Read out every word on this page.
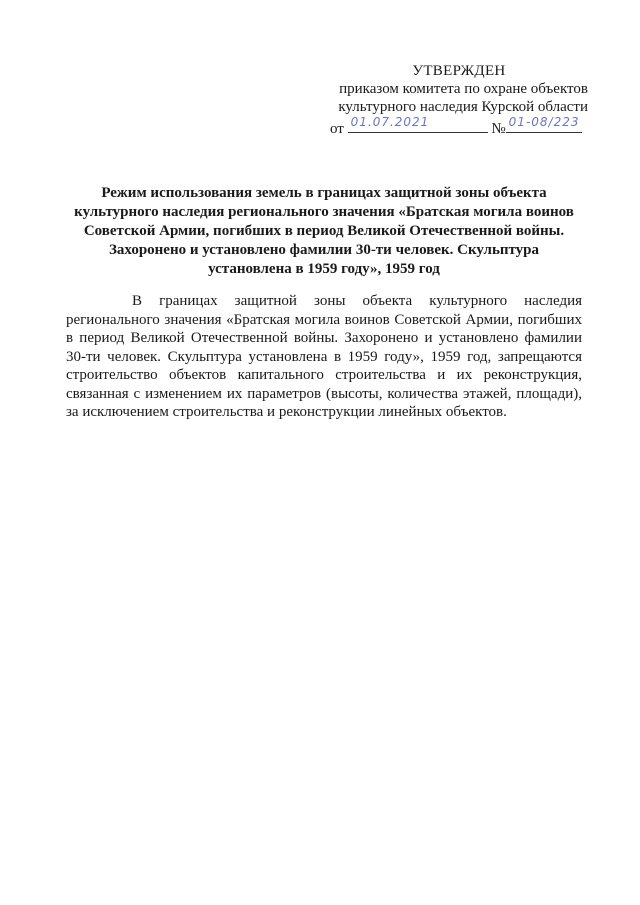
УТВЕРЖДЕН
приказом комитета по охране объектов
культурного наследия Курской области
от 01.07.2021	№ 01-08/223
Режим использования земель в границах защитной зоны объекта культурного наследия регионального значения «Братская могила воинов Советской Армии, погибших в период Великой Отечественной войны. Захоронено и установлено фамилии 30-ти человек. Скульптура установлена в 1959 году», 1959 год
В границах защитной зоны объекта культурного наследия регионального значения «Братская могила воинов Советской Армии, погибших в период Великой Отечественной войны. Захоронено и установлено фамилии 30-ти человек. Скульптура установлена в 1959 году», 1959 год, запрещаются строительство объектов капитального строительства и их реконструкция, связанная с изменением их параметров (высоты, количества этажей, площади), за исключением строительства и реконструкции линейных объектов.
